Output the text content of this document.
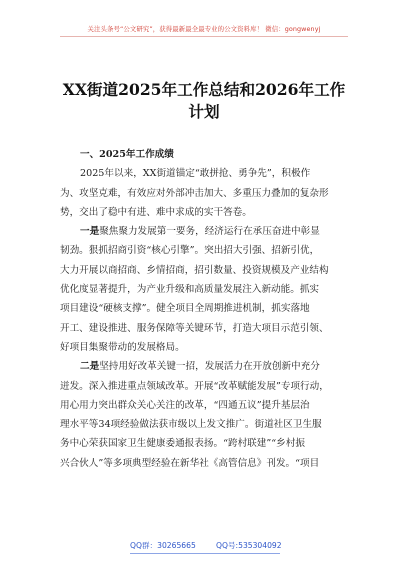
关注头条号“公文研究”，获得最新最全最专业的公文资料库！ 微信：gongwenyj
XX街道2025年工作总结和2026年工作
计划
一、2025年工作成绩
2025年以来，XX街道锚定“敢拼抢、勇争先”，积极作
为、攻坚克难，有效应对外部冲击加大、多重压力叠加的复杂形
势，交出了稳中有进、难中求成的实干答卷。
一是聚焦聚力发展第一要务，经济运行在承压奋进中彰显
韧劲。狠抓招商引资“核心引擎”。突出招大引强、招新引优，
大力开展以商招商、乡情招商，招引数量、投资规模及产业结构
优化度显著提升，为产业升级和高质量发展注入新动能。抓实
项目建设“硬核支撑”。健全项目全周期推进机制，抓实落地
开工、建设推进、服务保障等关键环节，打造大项目示范引领、
好项目集聚带动的发展格局。
二是坚持用好改革关键一招，发展活力在开放创新中充分
迸发。深入推进重点领域改革。开展“改革赋能发展”专项行动，
用心用力突出群众关心关注的改革，“四通五议”提升基层治
理水平等34项经验做法获市级以上发文推广。街道社区卫生服
务中心荣获国家卫生健康委通报表扬。“跨村联建”“乡村振
兴合伙人”等多项典型经验在新华社《高管信息》刊发。“项目
QQ群：30265665	QQ号:535304092
